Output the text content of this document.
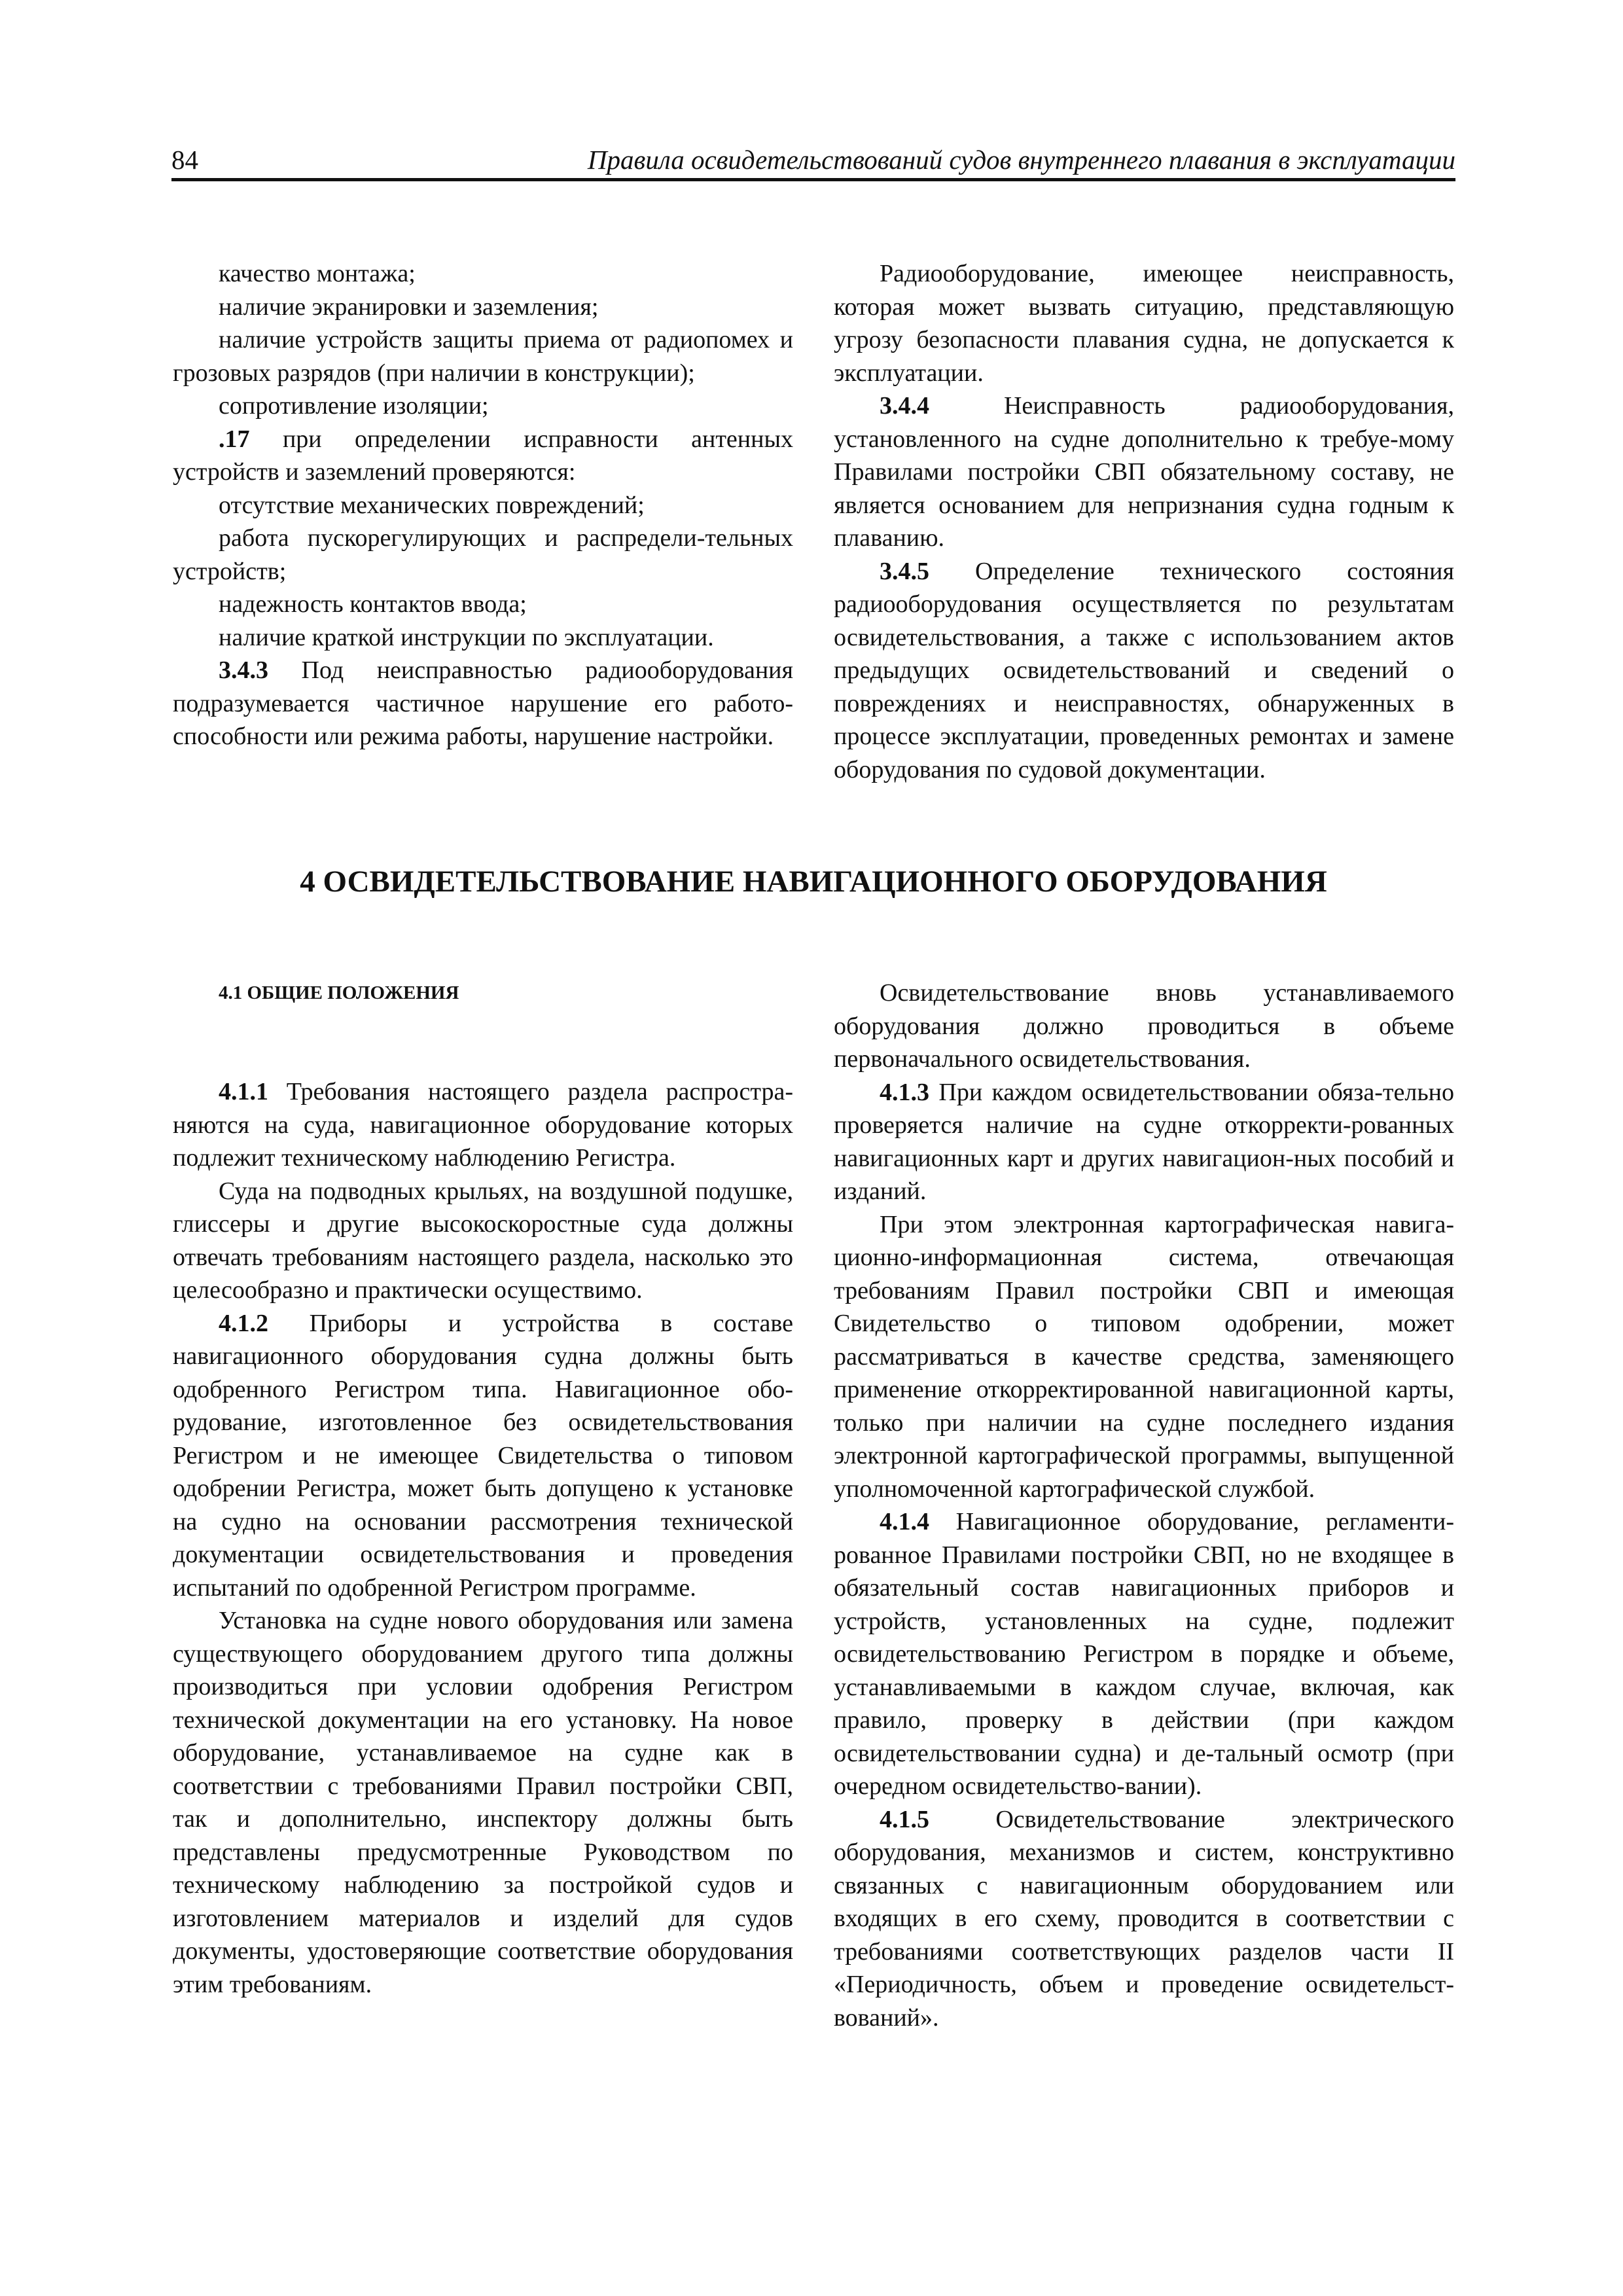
84	Правила освидетельствований судов внутреннего плавания в эксплуатации

качество монтажа;

наличие экранировки и заземления;

наличие устройств защиты приема от радиопомех и грозовых разрядов (при наличии в конструкции);

сопротивление изоляции;

.17 при определении исправности антенных устройств и заземлений проверяются:

отсутствие механических повреждений;

работа пускорегулирующих и распредели-тельных устройств;

надежность контактов ввода;

наличие краткой инструкции по эксплуатации.

3.4.3 Под неисправностью радиооборудования подразумевается частичное нарушение его работо-способности или режима работы, нарушение настройки.

Радиооборудование, имеющее неисправность, которая может вызвать ситуацию, представляющую угрозу безопасности плавания судна, не допускается к эксплуатации.

3.4.4 Неисправность радиооборудования, установленного на судне дополнительно к требуе-мому Правилами постройки СВП обязательному составу, не является основанием для непризнания судна годным к плаванию.

3.4.5 Определение технического состояния радиооборудования осуществляется по результатам освидетельствования, а также с использованием актов предыдущих освидетельствований и сведений о повреждениях и неисправностях, обнаруженных в процессе эксплуатации, проведенных ремонтах и замене оборудования по судовой документации.

4 ОСВИДЕТЕЛЬСТВОВАНИЕ НАВИГАЦИОННОГО ОБОРУДОВАНИЯ

4.1 ОБЩИЕ ПОЛОЖЕНИЯ

4.1.1 Требования настоящего раздела распростра-няются на суда, навигационное оборудование которых подлежит техническому наблюдению Регистра.

Суда на подводных крыльях, на воздушной подушке, глиссеры и другие высокоскоростные суда должны отвечать требованиям настоящего раздела, насколько это целесообразно и практически осуществимо.

4.1.2 Приборы и устройства в составе навигационного оборудования судна должны быть одобренного Регистром типа. Навигационное обо-рудование, изготовленное без освидетельствования Регистром и не имеющее Свидетельства о типовом одобрении Регистра, может быть допущено к установке на судно на основании рассмотрения технической документации освидетельствования и проведения испытаний по одобренной Регистром программе.

Установка на судне нового оборудования или замена существующего оборудованием другого типа должны производиться при условии одобрения Регистром технической документации на его установку. На новое оборудование, устанавливаемое на судне как в соответствии с требованиями Правил постройки СВП, так и дополнительно, инспектору должны быть представлены предусмотренные Руководством по техническому наблюдению за постройкой судов и изготовлением материалов и изделий для судов документы, удостоверяющие соответствие оборудования этим требованиям.

Освидетельствование вновь устанавливаемого оборудования должно проводиться в объеме первоначального освидетельствования.

4.1.3 При каждом освидетельствовании обяза-тельно проверяется наличие на судне откорректи-рованных навигационных карт и других навигацион-ных пособий и изданий.

При этом электронная картографическая навига-ционно-информационная система, отвечающая требованиям Правил постройки СВП и имеющая Свидетельство о типовом одобрении, может рассматриваться в качестве средства, заменяющего применение откорректированной навигационной карты, только при наличии на судне последнего издания электронной картографической программы, выпущенной уполномоченной картографической службой.

4.1.4 Навигационное оборудование, регламенти-рованное Правилами постройки СВП, но не входящее в обязательный состав навигационных приборов и устройств, установленных на судне, подлежит освидетельствованию Регистром в порядке и объеме, устанавливаемыми в каждом случае, включая, как правило, проверку в действии (при каждом освидетельствовании судна) и де-тальный осмотр (при очередном освидетельство-вании).

4.1.5 Освидетельствование электрического оборудования, механизмов и систем, конструктивно связанных с навигационным оборудованием или входящих в его схему, проводится в соответствии с требованиями соответствующих разделов части II «Периодичность, объем и проведение освидетельст-вований».
